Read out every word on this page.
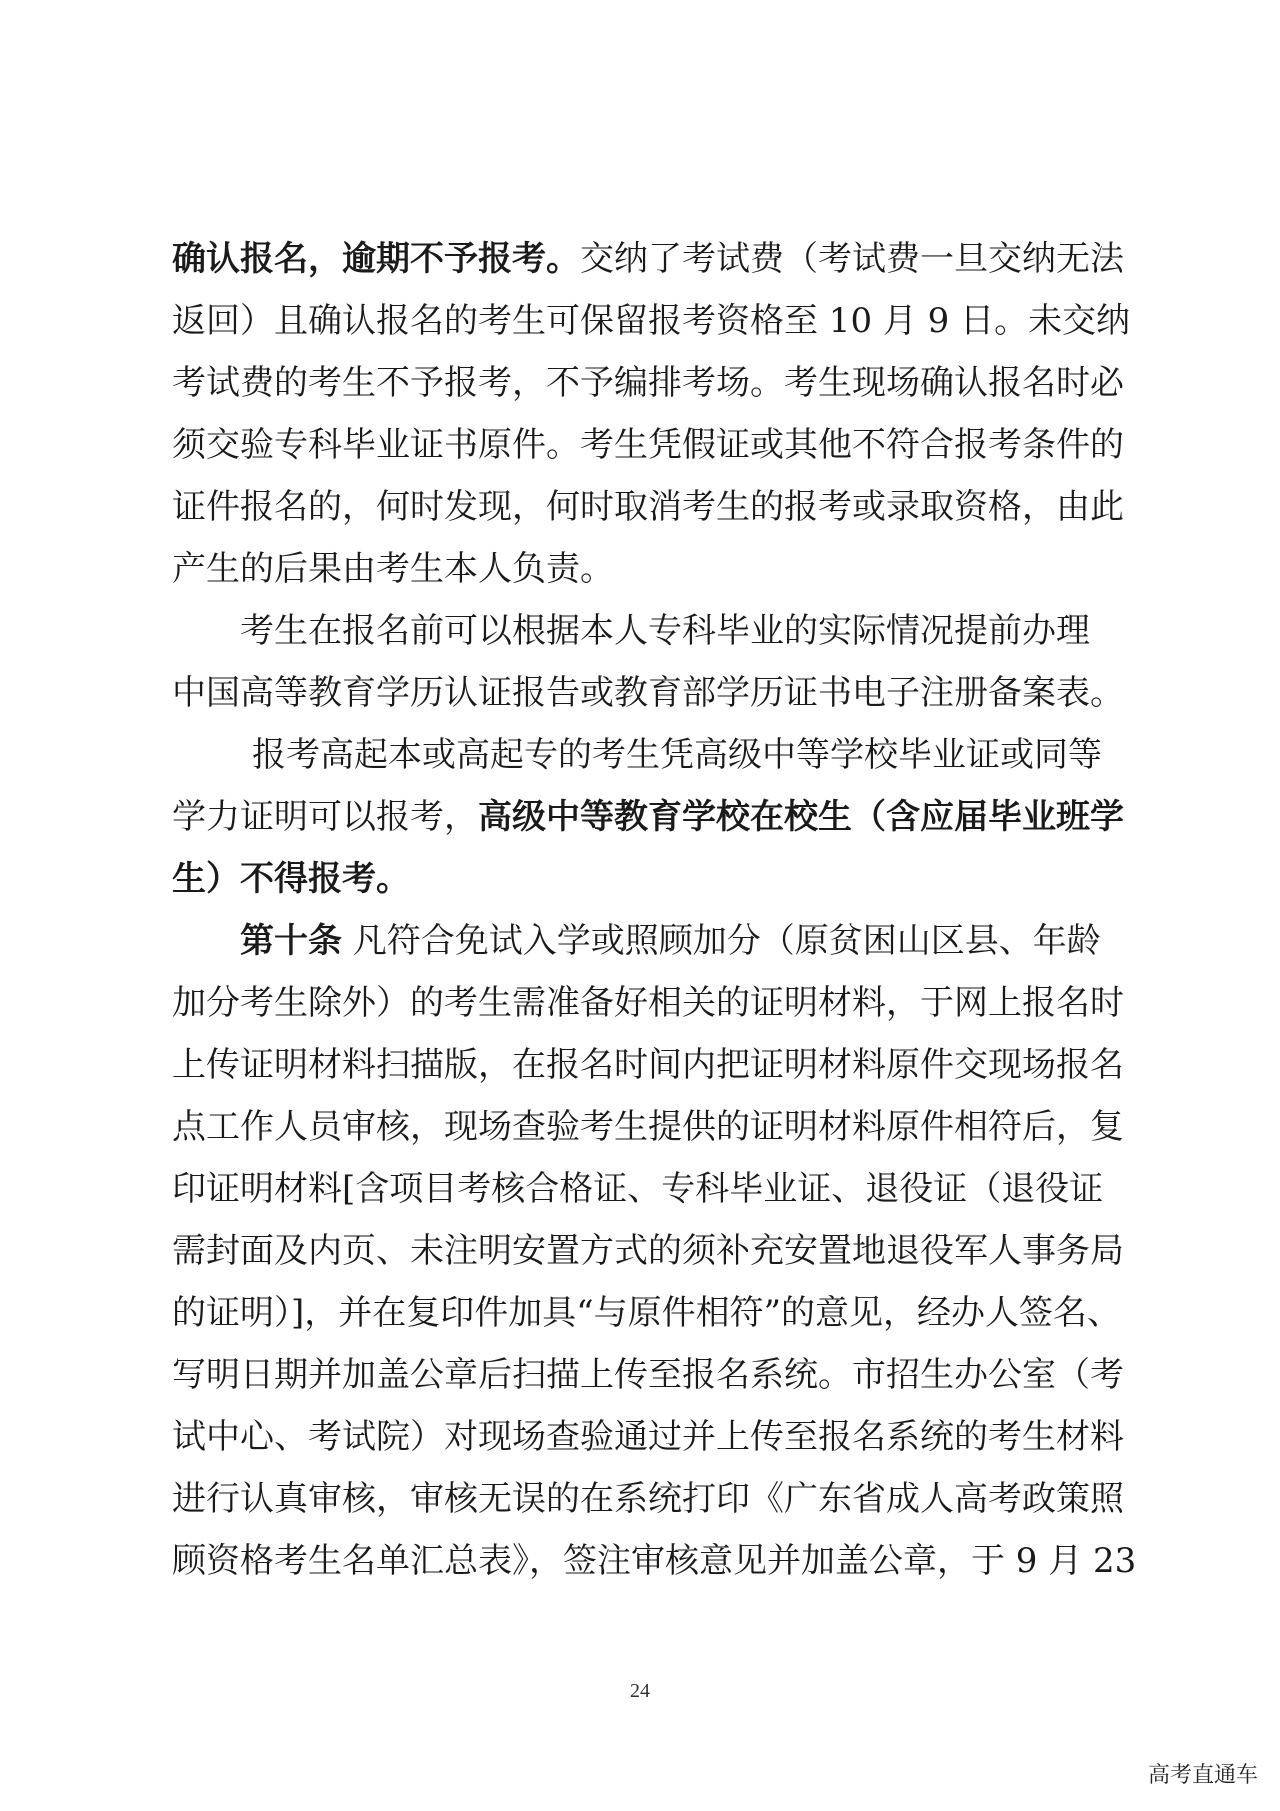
确认报名，逾期不予报考。交纳了考试费（考试费一旦交纳无法
返回）且确认报名的考生可保留报考资格至 10 月 9 日。未交纳
考试费的考生不予报考，不予编排考场。考生现场确认报名时必
须交验专科毕业证书原件。考生凭假证或其他不符合报考条件的
证件报名的，何时发现，何时取消考生的报考或录取资格，由此
产生的后果由考生本人负责。
考生在报名前可以根据本人专科毕业的实际情况提前办理
中国高等教育学历认证报告或教育部学历证书电子注册备案表。
报考高起本或高起专的考生凭高级中等学校毕业证或同等
学力证明可以报考， 高级中等教育学校在校生（含应届毕业班学
生）不得报考。
第十条 凡符合免试入学或照顾加分（原贫困山区县、年龄
加分考生除外）的考生需准备好相关的证明材料，于网上报名时
上传证明材料扫描版，在报名时间内把证明材料原件交现场报名
点工作人员审核，现场查验考生提供的证明材料原件相符后，复
印证明材料[含项目考核合格证、专科毕业证、退役证（退役证
需封面及内页、未注明安置方式的须补充安置地退役军人事务局
的证明）]，并在复印件加具“与原件相符”的意见，经办人签名、
写明日期并加盖公章后扫描上传至报名系统。市招生办公室（考
试中心、考试院）对现场查验通过并上传至报名系统的考生材料
进行认真审核，审核无误的在系统打印《广东省成人高考政策照
顾资格考生名单汇总表》，签注审核意见并加盖公章，于 9 月 23
24
高考直通车
